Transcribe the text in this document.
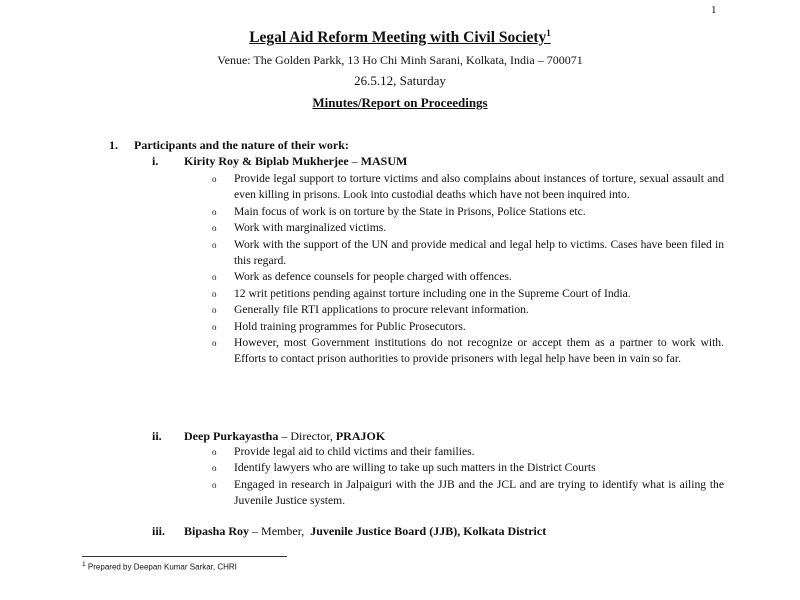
1
Legal Aid Reform Meeting with Civil Society$^1$
Venue: The Golden Parkk, 13 Ho Chi Minh Sarani, Kolkata, India – 700071
26.5.12, Saturday
Minutes/Report on Proceedings
1. Participants and the nature of their work:
i. Kirity Roy & Biplab Mukherjee – MASUM
o Provide legal support to torture victims and also complains about instances of torture, sexual assault and even killing in prisons. Look into custodial deaths which have not been inquired into.
o Main focus of work is on torture by the State in Prisons, Police Stations etc.
o Work with marginalized victims.
o Work with the support of the UN and provide medical and legal help to victims. Cases have been filed in this regard.
o Work as defence counsels for people charged with offences.
o 12 writ petitions pending against torture including one in the Supreme Court of India.
o Generally file RTI applications to procure relevant information.
o Hold training programmes for Public Prosecutors.
o However, most Government institutions do not recognize or accept them as a partner to work with. Efforts to contact prison authorities to provide prisoners with legal help have been in vain so far.
ii. Deep Purkayastha – Director, PRAJOK
o Provide legal aid to child victims and their families.
o Identify lawyers who are willing to take up such matters in the District Courts
o Engaged in research in Jalpaiguri with the JJB and the JCL and are trying to identify what is ailing the Juvenile Justice system.
iii. Bipasha Roy – Member,  Juvenile Justice Board (JJB), Kolkata District
$^1$ Prepared by Deepan Kumar Sarkar, CHRI
